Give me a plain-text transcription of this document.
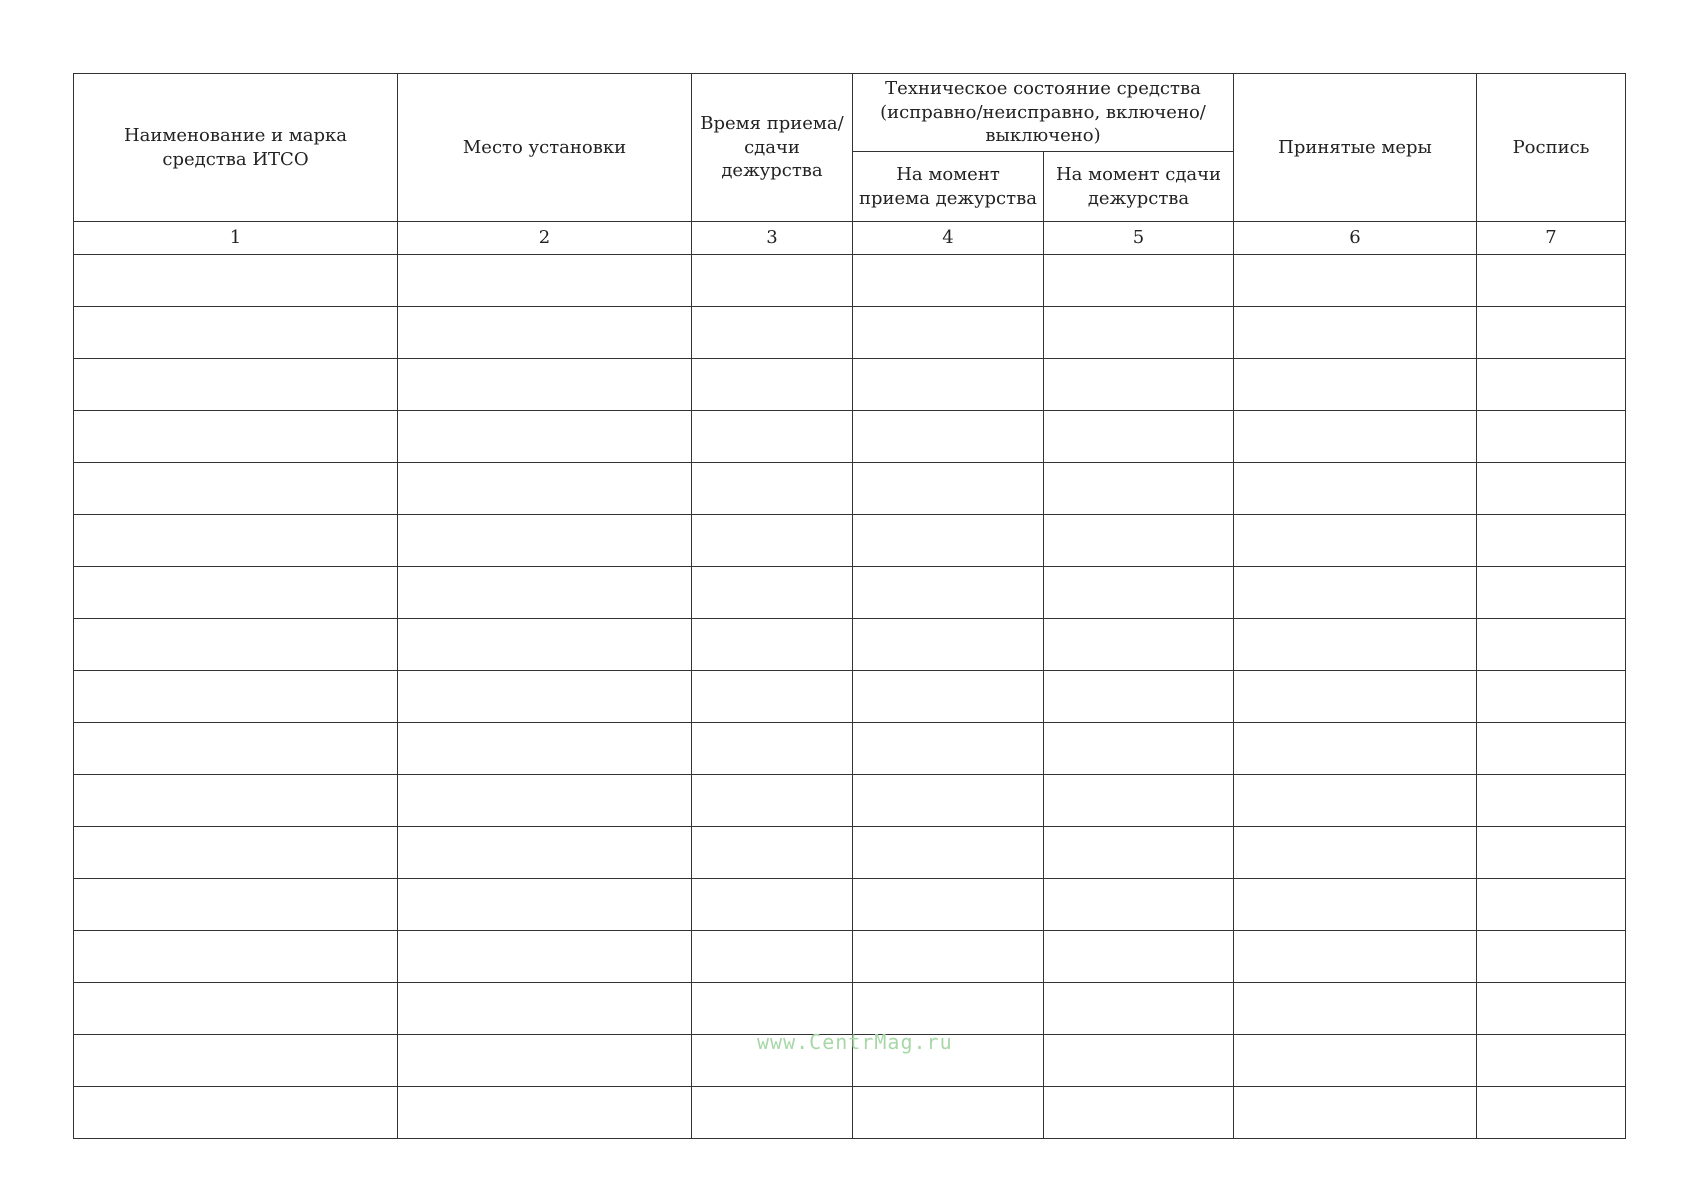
Наименование и марка средства ИТСО	Место установки	Время приема/сдачи дежурства	Техническое состояние средства (исправно/неисправно, включено/выключено)		Принятые меры	Роспись

			На момент приема дежурства	На момент сдачи дежурства		

1	2	3	4	5	6	7

www.CentrMag.ru
